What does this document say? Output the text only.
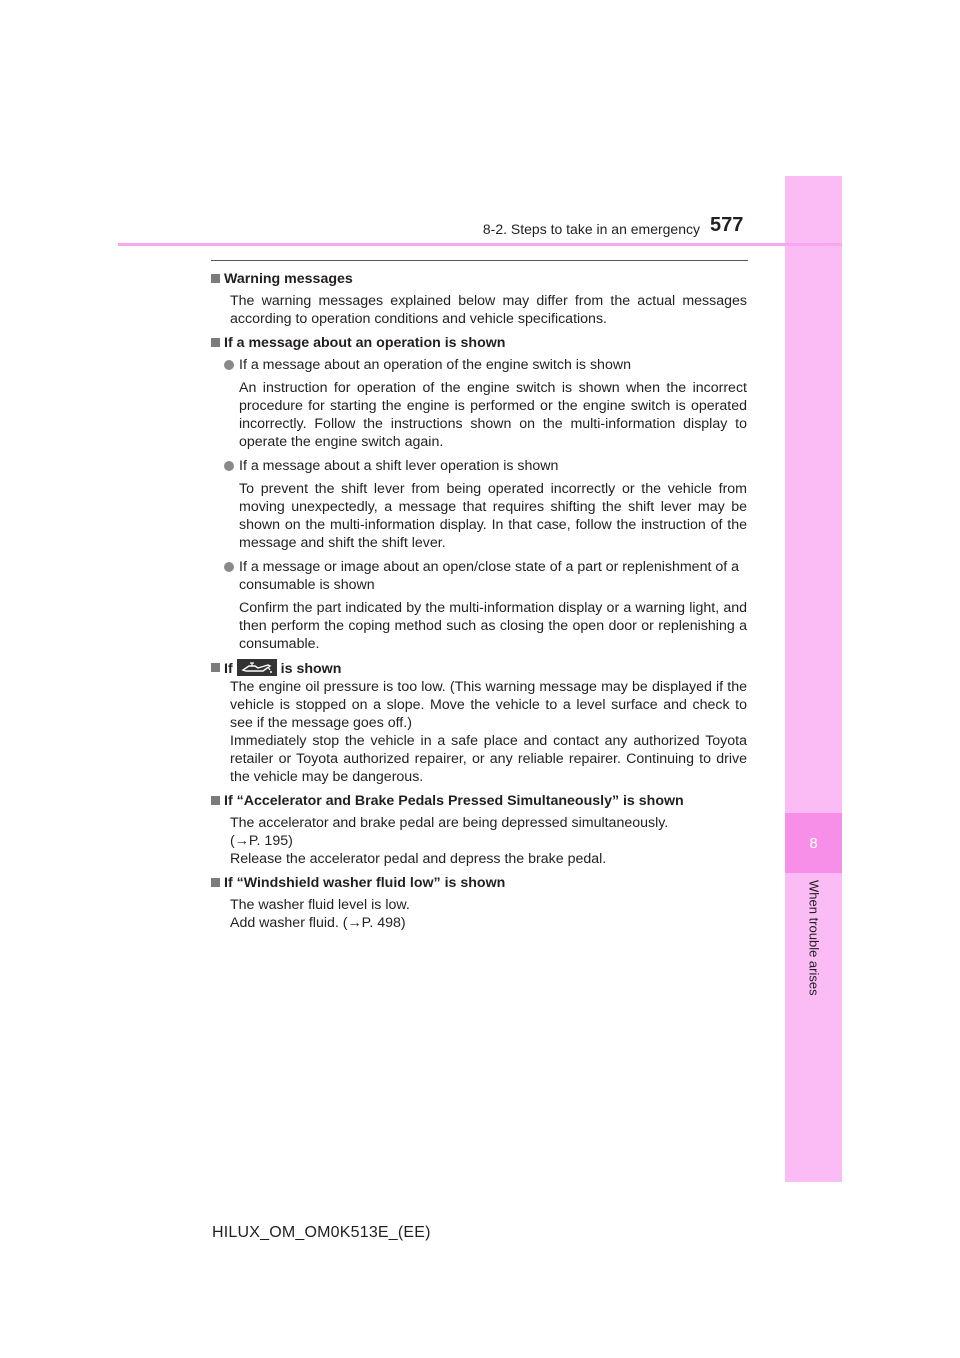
8
When trouble arises
8-2. Steps to take in an emergency 577
Warning messages
The warning messages explained below may differ from the actual messages according to operation conditions and vehicle specifications.
If a message about an operation is shown
If a message about an operation of the engine switch is shown
An instruction for operation of the engine switch is shown when the incorrect procedure for starting the engine is performed or the engine switch is operated incorrectly. Follow the instructions shown on the multi-information display to operate the engine switch again.
If a message about a shift lever operation is shown
To prevent the shift lever from being operated incorrectly or the vehicle from moving unexpectedly, a message that requires shifting the shift lever may be shown on the multi-information display. In that case, follow the instruction of the message and shift the shift lever.
If a message or image about an open/close state of a part or replenishment of a consumable is shown
Confirm the part indicated by the multi-information display or a warning light, and then perform the coping method such as closing the open door or replenishing a consumable.
If	is shown
The engine oil pressure is too low. (This warning message may be displayed if the vehicle is stopped on a slope. Move the vehicle to a level surface and check to see if the message goes off.)
Immediately stop the vehicle in a safe place and contact any authorized Toyota retailer or Toyota authorized repairer, or any reliable repairer. Continuing to drive the vehicle may be dangerous.
If “Accelerator and Brake Pedals Pressed Simultaneously” is shown
The accelerator and brake pedal are being depressed simultaneously.
(→P. 195)
Release the accelerator pedal and depress the brake pedal.
If “Windshield washer fluid low” is shown
The washer fluid level is low.
Add washer fluid. (→P. 498)
HILUX_OM_OM0K513E_(EE)
